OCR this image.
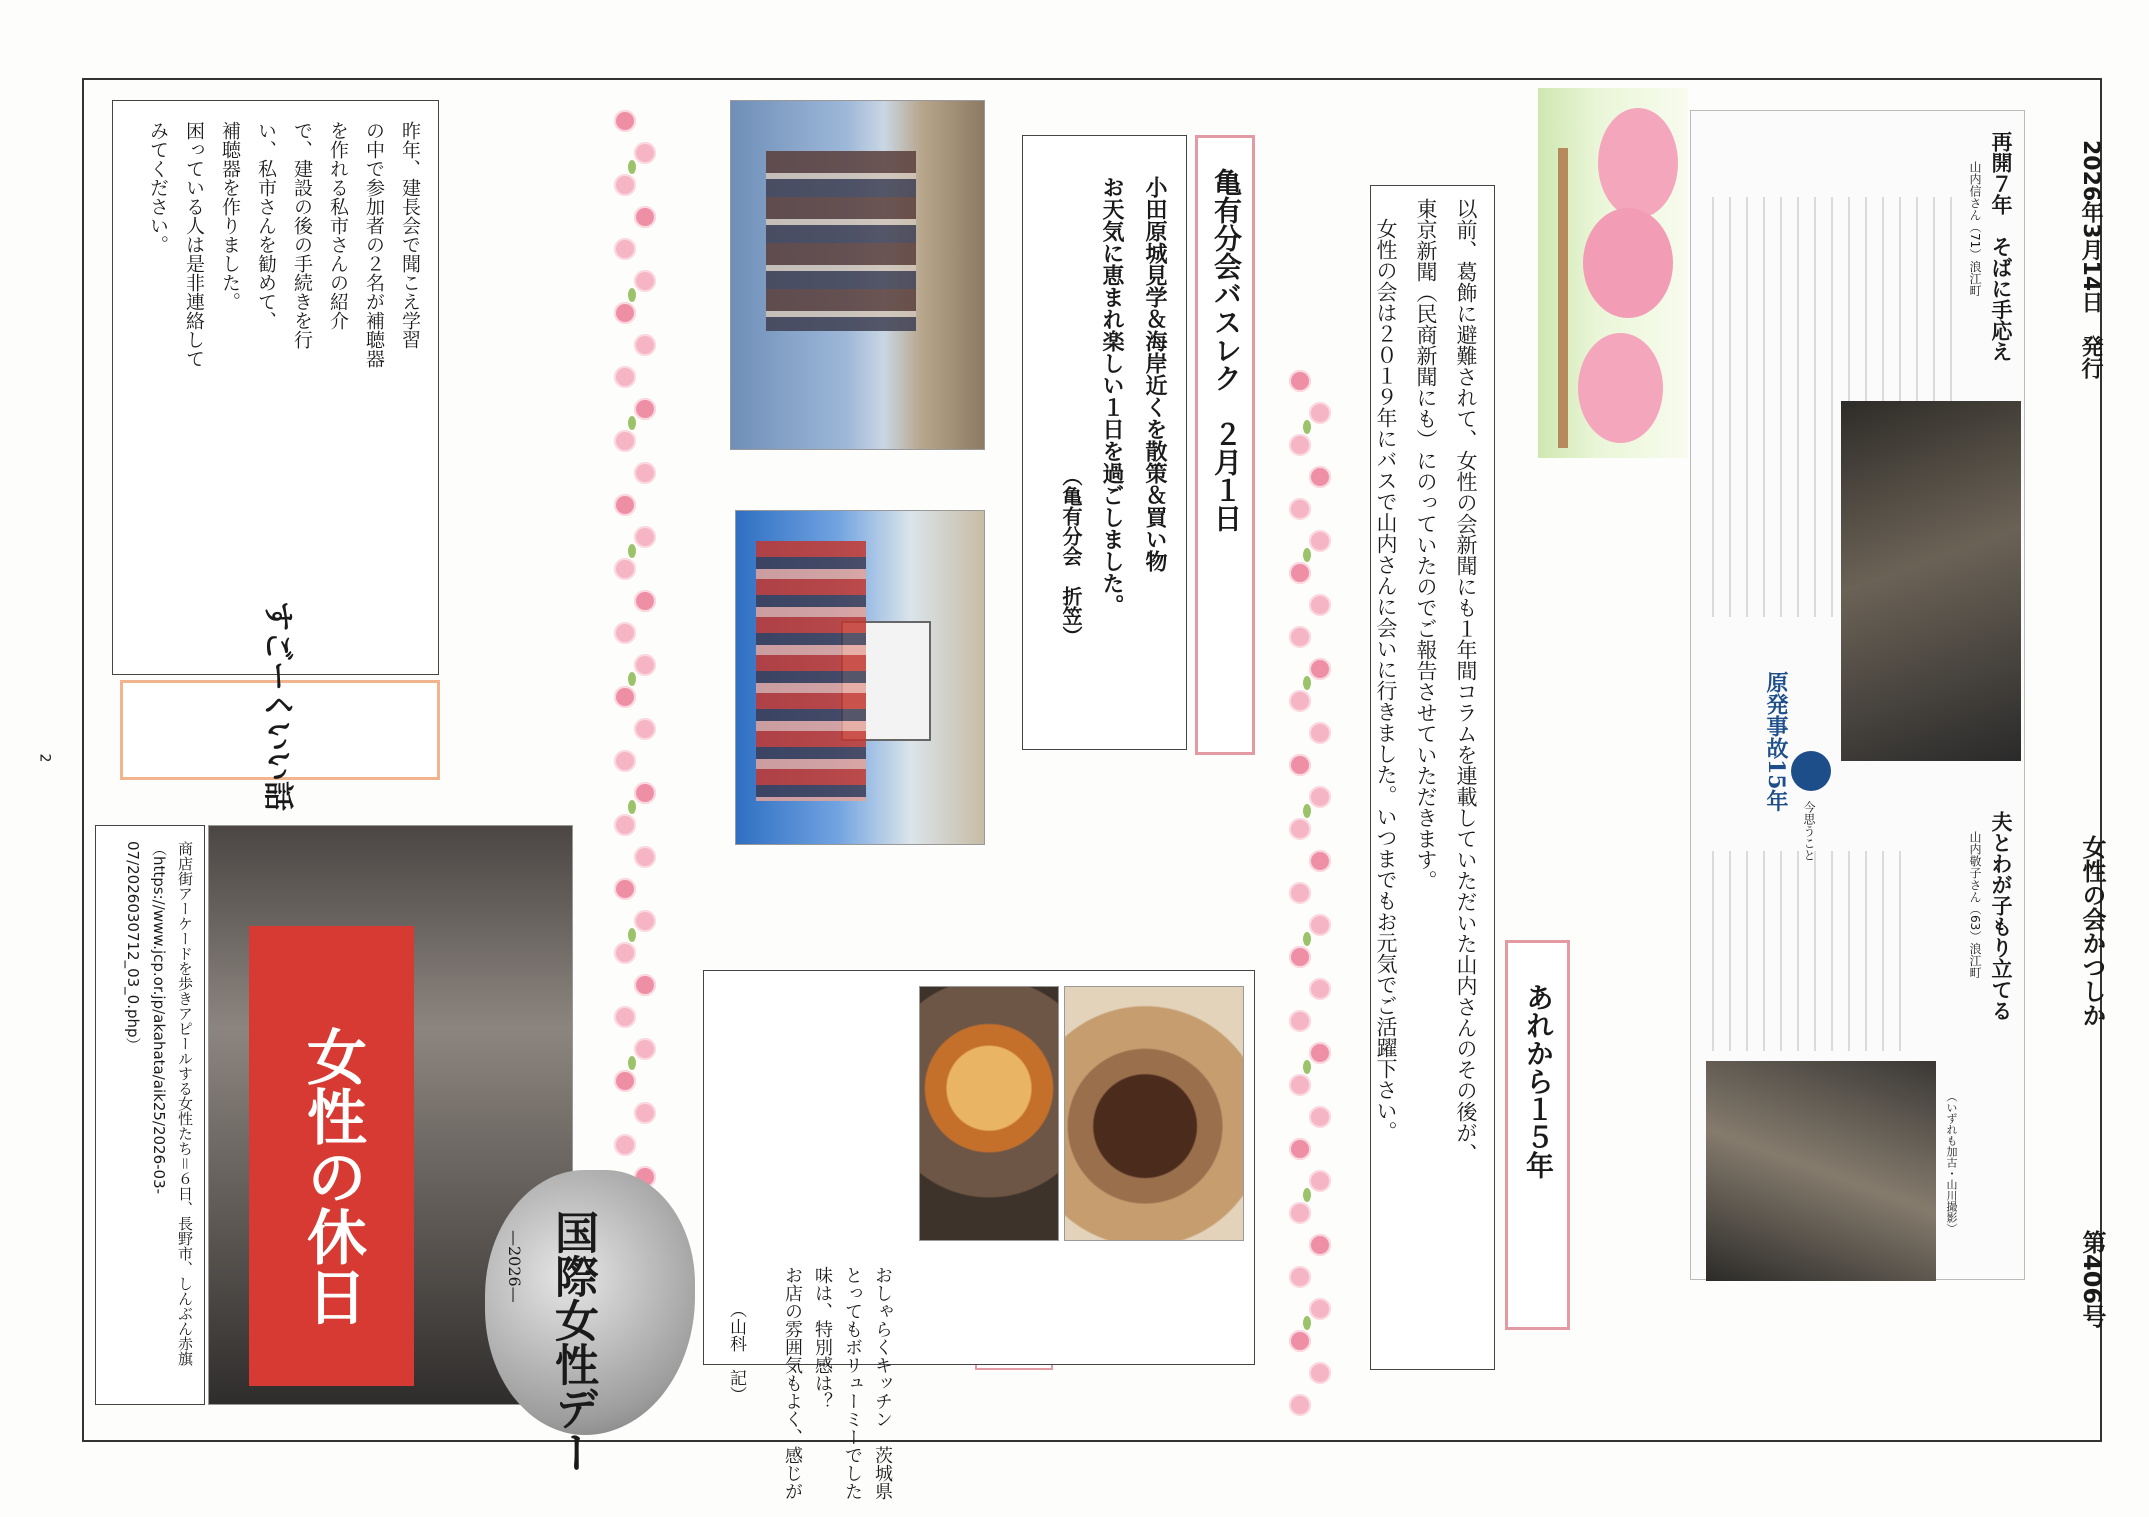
2026年3月14日　発行
女性の会かつしか
第406号
2
再開７年　そばに手応え
山内信さん（71）浪江町
夫とわが子もり立てる
山内敬子さん（63）浪江町
原発事故15年
今思うこと
（いずれも加古・山川撮影）
あれから１５年
以前、葛飾に避難されて、女性の会新聞にも１年間コラムを連載していただいた山内さんのその後が、
東京新聞（民商新聞にも）にのっていたのでご報告させていただきます。
女性の会は２０１９年にバスで山内さんに会いに行きました。いつまでもお元気でご活躍下さい。
亀有分会バスレク　２月１日
小田原城見学＆海岸近くを散策＆買い物
お天気に恵まれ楽しい１日を過ごしました。
（亀有分会　折笠）
おしゃらくキッチン　茨城県
とってもボリューミーでした
味は、特別感は？
お店の雰囲気もよく、感じが
（山科　記）
昨年、建長会で聞こえ学習
の中で参加者の２名が補聴器
を作れる私市さんの紹介
で、建設の後の手続きを行
い、私市さんを勧めて、
補聴器を作りました。
困っている人は是非連絡して
みてください。
すごーくいい話
商店街アーケードを歩きアピールする女性たち＝６日、長野市、しんぶん赤旗（https://www.jcp.or.jp/akahata/aik25/2026-03-07/2026030712_03_0.php）
女性の休日
国際女性デー
—2026—
